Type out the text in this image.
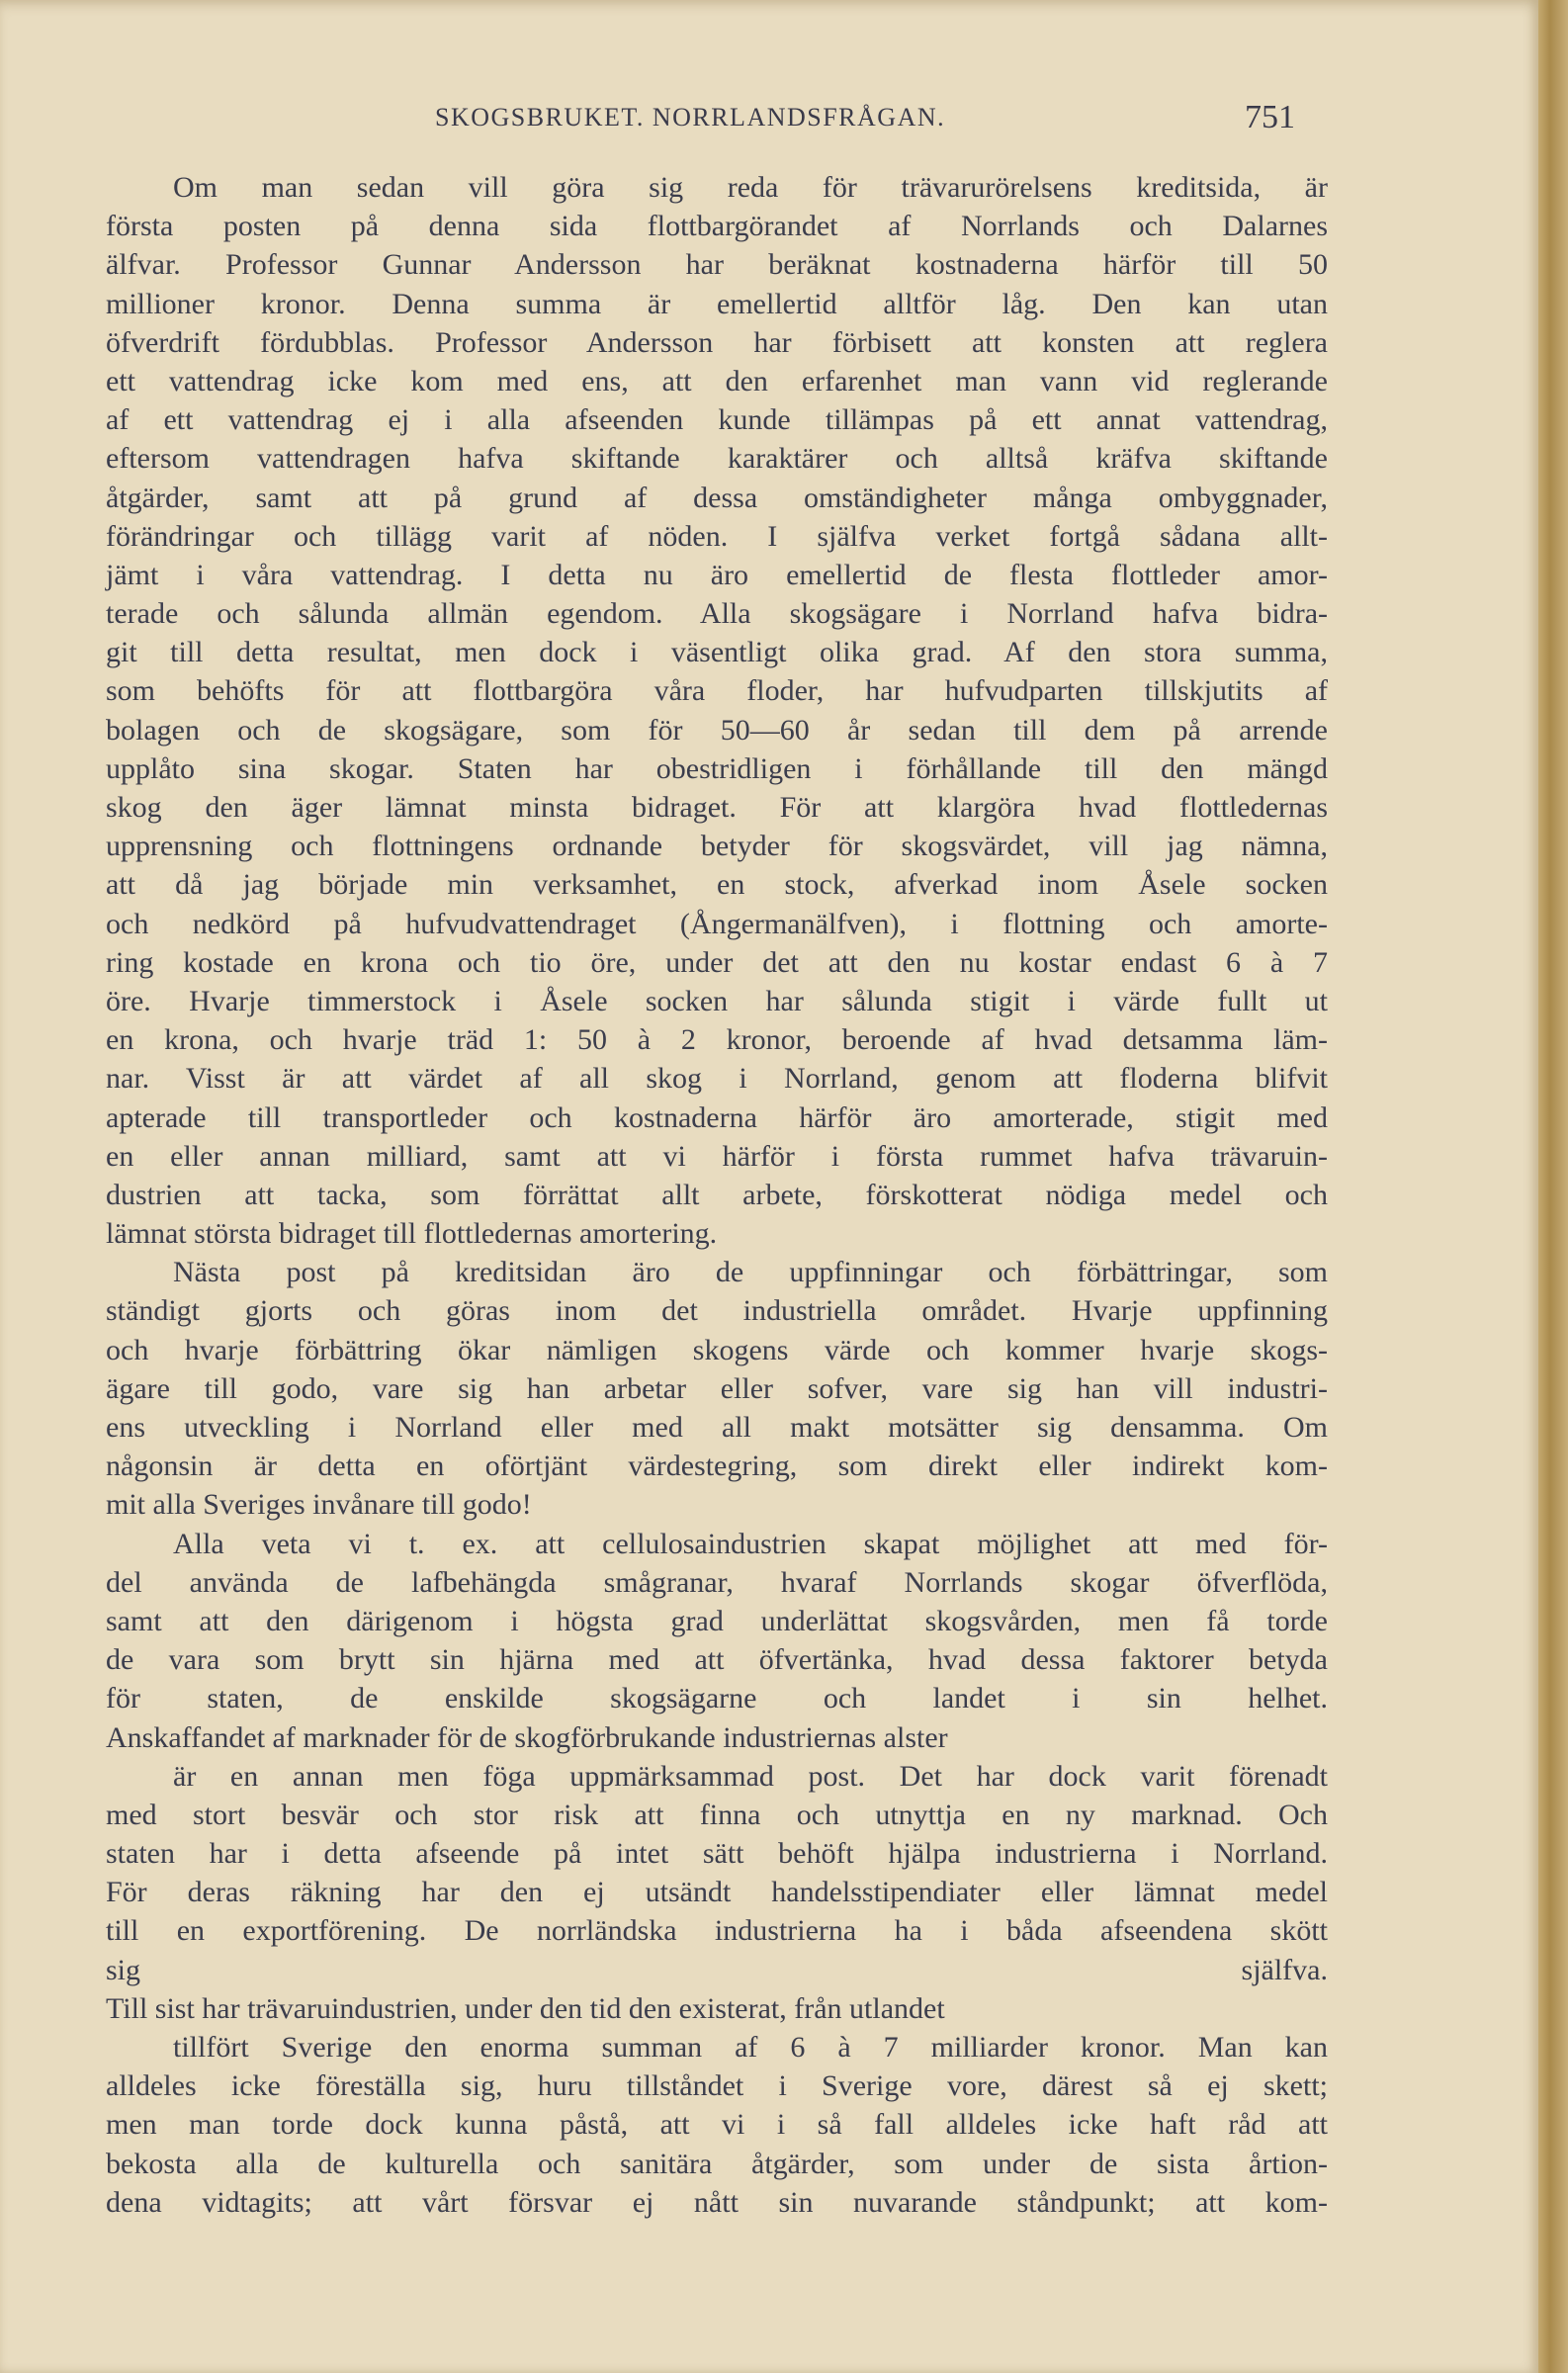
SKOGSBRUKET. NORRLANDSFRÅGAN.	751
Om man sedan vill göra sig reda för trävarurörelsens kreditsida, är
första posten på denna sida flottbargörandet af Norrlands och Dalarnes
älfvar. Professor Gunnar Andersson har beräknat kostnaderna härför till 50
millioner kronor. Denna summa är emellertid alltför låg. Den kan utan
öfverdrift fördubblas. Professor Andersson har förbisett att konsten att reglera
ett vattendrag icke kom med ens, att den erfarenhet man vann vid reglerande
af ett vattendrag ej i alla afseenden kunde tillämpas på ett annat vattendrag,
eftersom vattendragen hafva skiftande karaktärer och alltså kräfva skiftande
åtgärder, samt att på grund af dessa omständigheter många ombyggnader,
förändringar och tillägg varit af nöden. I själfva verket fortgå sådana allt-
jämt i våra vattendrag. I detta nu äro emellertid de flesta flottleder amor-
terade och sålunda allmän egendom. Alla skogsägare i Norrland hafva bidra-
git till detta resultat, men dock i väsentligt olika grad. Af den stora summa,
som behöfts för att flottbargöra våra floder, har hufvudparten tillskjutits af
bolagen och de skogsägare, som för 50—60 år sedan till dem på arrende
upplåto sina skogar. Staten har obestridligen i förhållande till den mängd
skog den äger lämnat minsta bidraget. För att klargöra hvad flottledernas
upprensning och flottningens ordnande betyder för skogsvärdet, vill jag nämna,
att då jag började min verksamhet, en stock, afverkad inom Åsele socken
och nedkörd på hufvudvattendraget (Ångermanälfven), i flottning och amorte-
ring kostade en krona och tio öre, under det att den nu kostar endast 6 à 7
öre. Hvarje timmerstock i Åsele socken har sålunda stigit i värde fullt ut
en krona, och hvarje träd 1: 50 à 2 kronor, beroende af hvad detsamma läm-
nar. Visst är att värdet af all skog i Norrland, genom att floderna blifvit
apterade till transportleder och kostnaderna härför äro amorterade, stigit med
en eller annan milliard, samt att vi härför i första rummet hafva trävaruin-
dustrien att tacka, som förrättat allt arbete, förskotterat nödiga medel och
lämnat största bidraget till flottledernas amortering.
Nästa post på kreditsidan äro de uppfinningar och förbättringar, som
ständigt gjorts och göras inom det industriella området. Hvarje uppfinning
och hvarje förbättring ökar nämligen skogens värde och kommer hvarje skogs-
ägare till godo, vare sig han arbetar eller sofver, vare sig han vill industri-
ens utveckling i Norrland eller med all makt motsätter sig densamma. Om
någonsin är detta en oförtjänt värdestegring, som direkt eller indirekt kom-
mit alla Sveriges invånare till godo!
Alla veta vi t. ex. att cellulosaindustrien skapat möjlighet att med för-
del använda de lafbehängda smågranar, hvaraf Norrlands skogar öfverflöda,
samt att den därigenom i högsta grad underlättat skogsvården, men få torde
de vara som brytt sin hjärna med att öfvertänka, hvad dessa faktorer betyda
för staten, de enskilde skogsägarne och landet i sin helhet.
Anskaffandet af marknader för de skogförbrukande industriernas alster
är en annan men föga uppmärksammad post. Det har dock varit förenadt
med stort besvär och stor risk att finna och utnyttja en ny marknad. Och
staten har i detta afseende på intet sätt behöft hjälpa industrierna i Norrland.
För deras räkning har den ej utsändt handelsstipendiater eller lämnat medel
till en exportförening. De norrländska industrierna ha i båda afseendena skött
sig själfva.
Till sist har trävaruindustrien, under den tid den existerat, från utlandet
tillfört Sverige den enorma summan af 6 à 7 milliarder kronor. Man kan
alldeles icke föreställa sig, huru tillståndet i Sverige vore, därest så ej skett;
men man torde dock kunna påstå, att vi i så fall alldeles icke haft råd att
bekosta alla de kulturella och sanitära åtgärder, som under de sista årtion-
dena vidtagits; att vårt försvar ej nått sin nuvarande ståndpunkt; att kom-
